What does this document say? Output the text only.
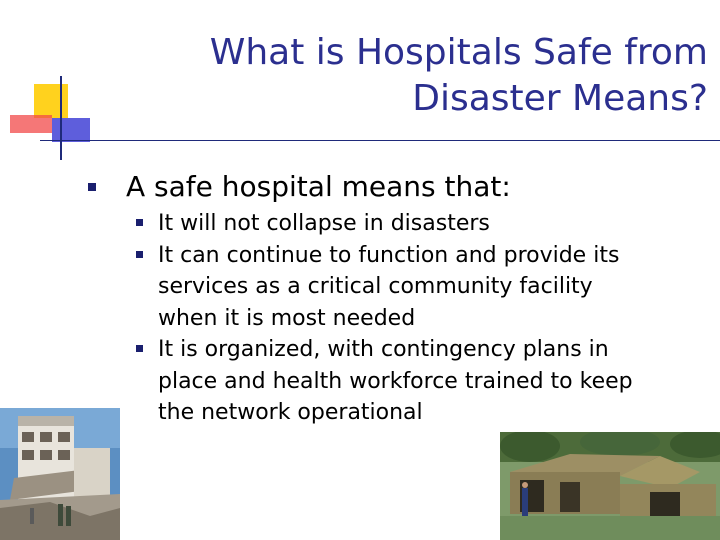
What is Hospitals Safe from
Disaster Means?
A safe hospital means that:
It will not collapse in disasters
It can continue to function and provide its services as a critical community facility when it is most needed
It is organized, with contingency plans in place and health workforce trained to keep the network operational
